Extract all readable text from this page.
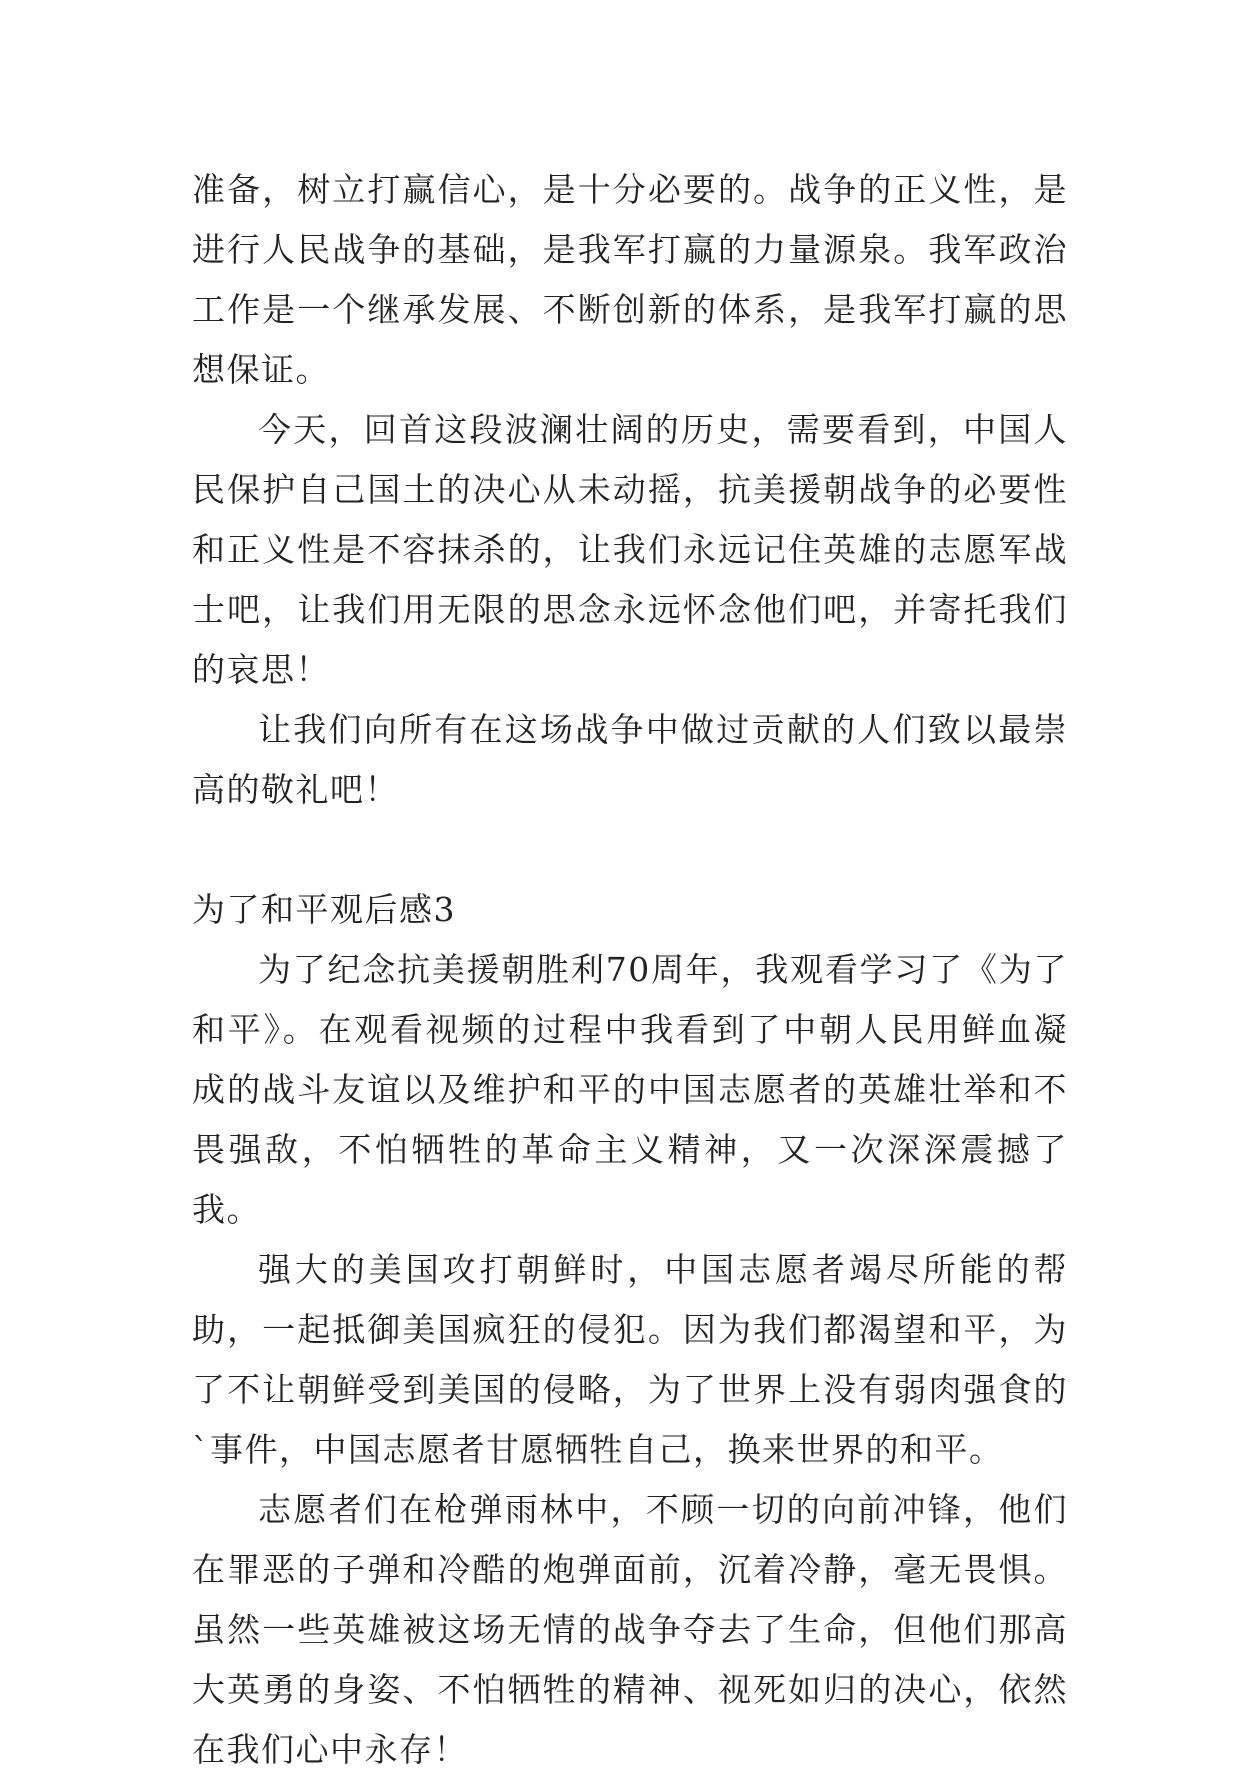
准备，树立打赢信心，是十分必要的。战争的正义性，是进行人民战争的基础，是我军打赢的力量源泉。我军政治工作是一个继承发展、不断创新的体系，是我军打赢的思想保证。

今天，回首这段波澜壮阔的历史，需要看到，中国人民保护自己国土的决心从未动摇，抗美援朝战争的必要性和正义性是不容抹杀的，让我们永远记住英雄的志愿军战士吧，让我们用无限的思念永远怀念他们吧，并寄托我们的哀思！

让我们向所有在这场战争中做过贡献的人们致以最崇高的敬礼吧！

为了和平观后感3

为了纪念抗美援朝胜利70周年，我观看学习了《为了和平》。在观看视频的过程中我看到了中朝人民用鲜血凝成的战斗友谊以及维护和平的中国志愿者的英雄壮举和不畏强敌，不怕牺牲的革命主义精神，又一次深深震撼了我。

强大的美国攻打朝鲜时，中国志愿者竭尽所能的帮助，一起抵御美国疯狂的侵犯。因为我们都渴望和平，为了不让朝鲜受到美国的侵略，为了世界上没有弱肉强食的`事件，中国志愿者甘愿牺牲自己，换来世界的和平。

志愿者们在枪弹雨林中，不顾一切的向前冲锋，他们在罪恶的子弹和冷酷的炮弹面前，沉着冷静，毫无畏惧。虽然一些英雄被这场无情的战争夺去了生命，但他们那高大英勇的身姿、不怕牺牲的精神、视死如归的决心，依然在我们心中永存！
